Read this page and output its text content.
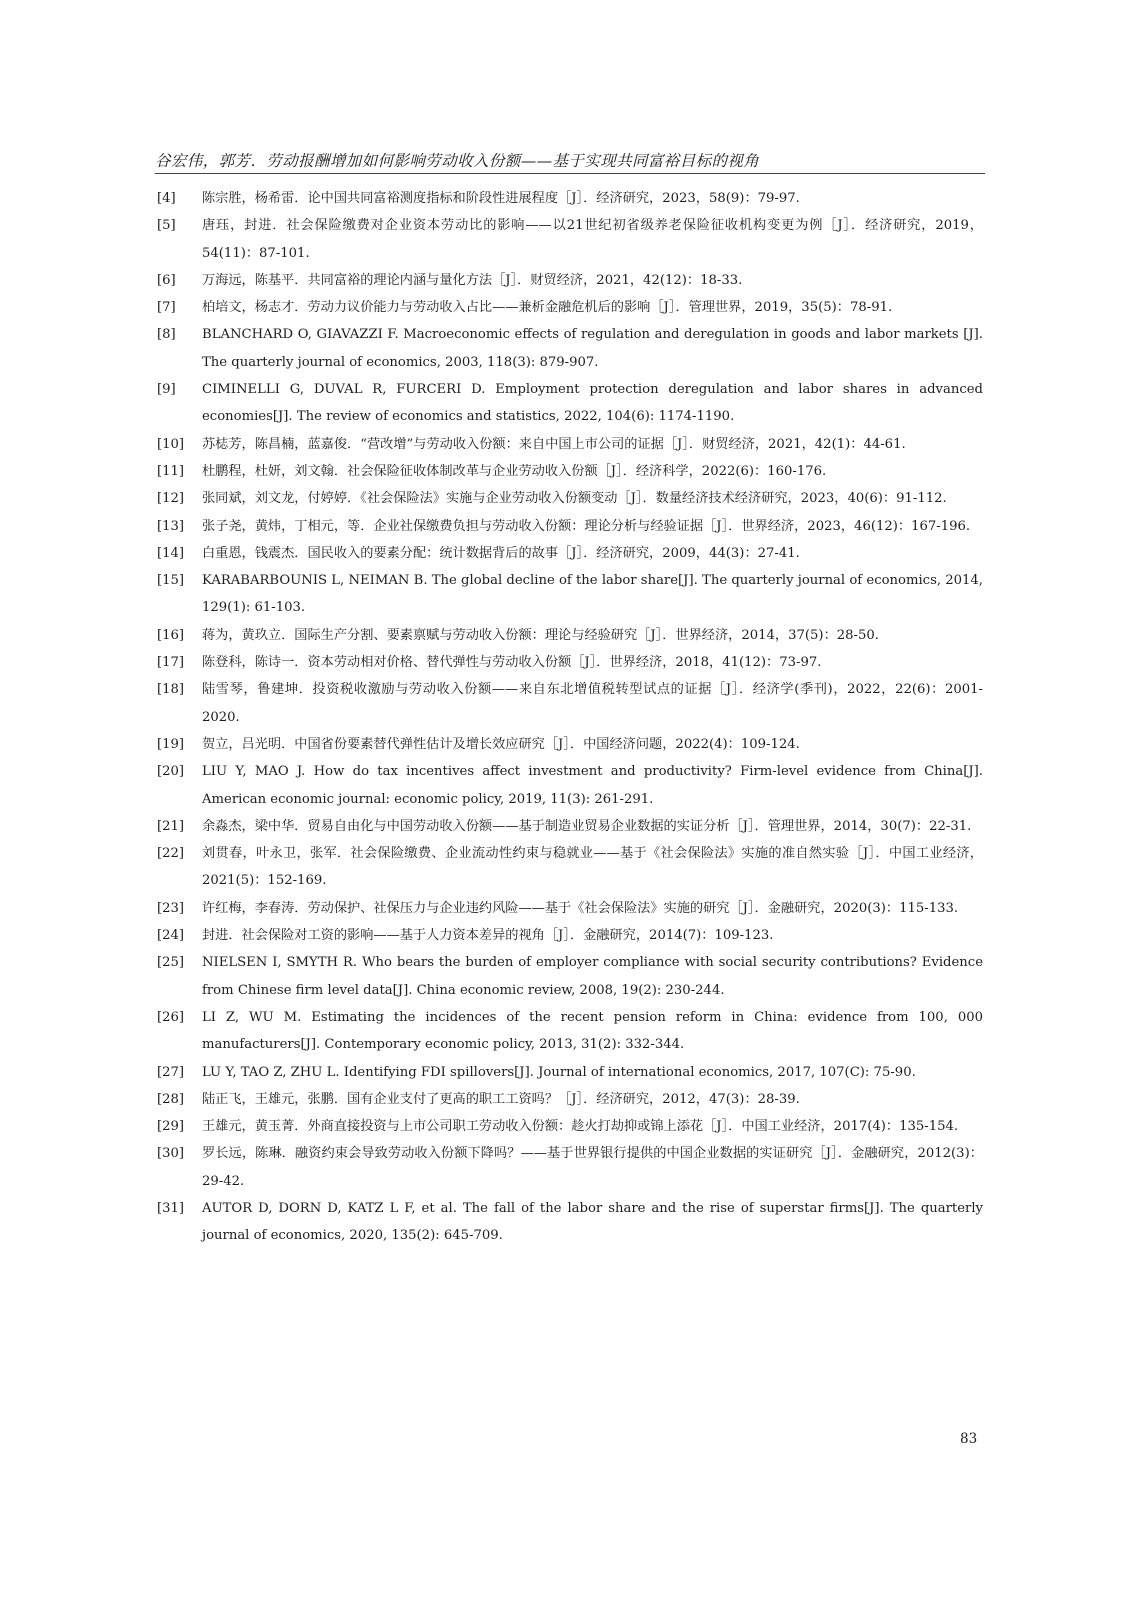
谷宏伟，郭芳．劳动报酬增加如何影响劳动收入份额——基于实现共同富裕目标的视角
[4] 陈宗胜，杨希雷．论中国共同富裕测度指标和阶段性进展程度［J］．经济研究，2023，58(9)：79-97.
[5] 唐珏，封进．社会保险缴费对企业资本劳动比的影响——以21世纪初省级养老保险征收机构变更为例［J］．经济研究，2019，54(11)：87-101.
[6] 万海远，陈基平．共同富裕的理论内涵与量化方法［J］．财贸经济，2021，42(12)：18-33.
[7] 柏培文，杨志才．劳动力议价能力与劳动收入占比——兼析金融危机后的影响［J］．管理世界，2019，35(5)：78-91.
[8] BLANCHARD O, GIAVAZZI F. Macroeconomic effects of regulation and deregulation in goods and labor markets [J]. The quarterly journal of economics, 2003, 118(3): 879-907.
[9] CIMINELLI G, DUVAL R, FURCERI D. Employment protection deregulation and labor shares in advanced economies[J]. The review of economics and statistics, 2022, 104(6): 1174-1190.
[10] 苏梽芳，陈昌楠，蓝嘉俊．“营改增”与劳动收入份额：来自中国上市公司的证据［J］．财贸经济，2021，42(1)：44-61.
[11] 杜鹏程，杜妍，刘文翰．社会保险征收体制改革与企业劳动收入份额［J］．经济科学，2022(6)：160-176.
[12] 张同斌，刘文龙，付婷婷．《社会保险法》实施与企业劳动收入份额变动［J］．数量经济技术经济研究，2023，40(6)：91-112.
[13] 张子尧，黄炜，丁相元，等．企业社保缴费负担与劳动收入份额：理论分析与经验证据［J］．世界经济，2023，46(12)：167-196.
[14] 白重恩，钱震杰．国民收入的要素分配：统计数据背后的故事［J］．经济研究，2009，44(3)：27-41.
[15] KARABARBOUNIS L, NEIMAN B. The global decline of the labor share[J]. The quarterly journal of economics, 2014, 129(1): 61-103.
[16] 蒋为，黄玖立．国际生产分割、要素禀赋与劳动收入份额：理论与经验研究［J］．世界经济，2014，37(5)：28-50.
[17] 陈登科，陈诗一．资本劳动相对价格、替代弹性与劳动收入份额［J］．世界经济，2018，41(12)：73-97.
[18] 陆雪琴，鲁建坤．投资税收激励与劳动收入份额——来自东北增值税转型试点的证据［J］．经济学(季刊)，2022，22(6)：2001-2020.
[19] 贺立，吕光明．中国省份要素替代弹性估计及增长效应研究［J］．中国经济问题，2022(4)：109-124.
[20] LIU Y, MAO J. How do tax incentives affect investment and productivity? Firm-level evidence from China[J]. American economic journal: economic policy, 2019, 11(3): 261-291.
[21] 余淼杰，梁中华．贸易自由化与中国劳动收入份额——基于制造业贸易企业数据的实证分析［J］．管理世界，2014，30(7)：22-31.
[22] 刘贯春，叶永卫，张军．社会保险缴费、企业流动性约束与稳就业——基于《社会保险法》实施的准自然实验［J］．中国工业经济，2021(5)：152-169.
[23] 许红梅，李春涛．劳动保护、社保压力与企业违约风险——基于《社会保险法》实施的研究［J］．金融研究，2020(3)：115-133.
[24] 封进．社会保险对工资的影响——基于人力资本差异的视角［J］．金融研究，2014(7)：109-123.
[25] NIELSEN I, SMYTH R. Who bears the burden of employer compliance with social security contributions? Evidence from Chinese firm level data[J]. China economic review, 2008, 19(2): 230-244.
[26] LI Z, WU M. Estimating the incidences of the recent pension reform in China: evidence from 100, 000 manufacturers[J]. Contemporary economic policy, 2013, 31(2): 332-344.
[27] LU Y, TAO Z, ZHU L. Identifying FDI spillovers[J]. Journal of international economics, 2017, 107(C): 75-90.
[28] 陆正飞，王雄元，张鹏．国有企业支付了更高的职工工资吗？［J］．经济研究，2012，47(3)：28-39.
[29] 王雄元，黄玉菁．外商直接投资与上市公司职工劳动收入份额：趁火打劫抑或锦上添花［J］．中国工业经济，2017(4)：135-154.
[30] 罗长远，陈琳．融资约束会导致劳动收入份额下降吗？——基于世界银行提供的中国企业数据的实证研究［J］．金融研究，2012(3)：29-42.
[31] AUTOR D, DORN D, KATZ L F, et al. The fall of the labor share and the rise of superstar firms[J]. The quarterly journal of economics, 2020, 135(2): 645-709.
83
